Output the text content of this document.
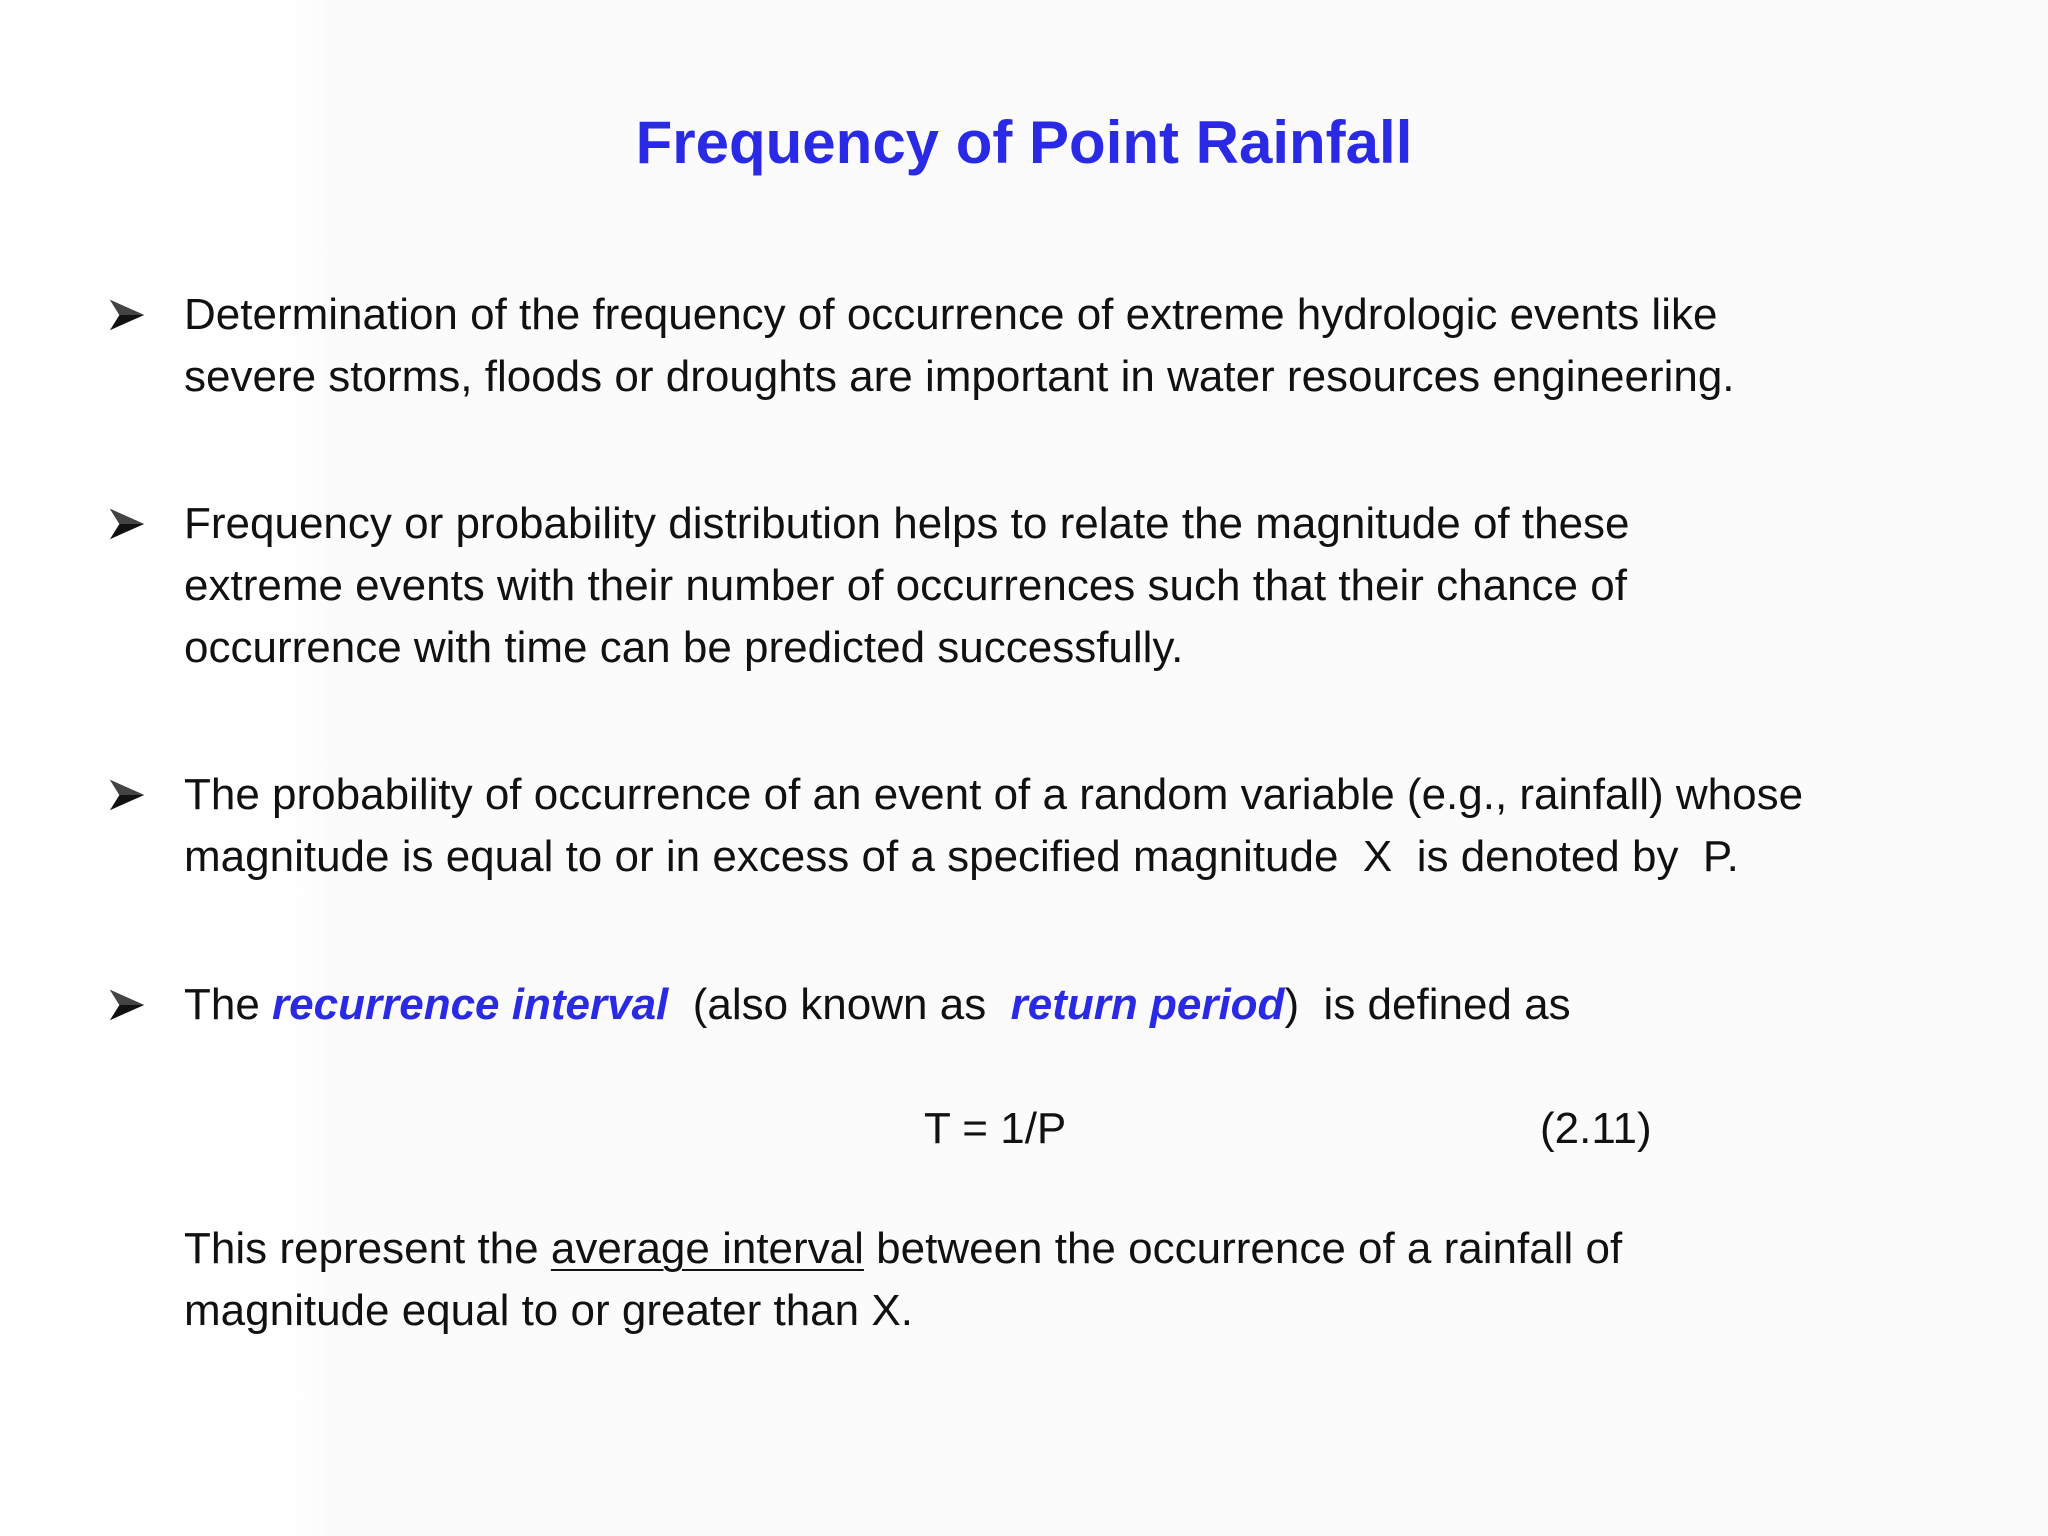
Frequency of Point Rainfall

Determination of the frequency of occurrence of extreme hydrologic events like

severe storms, floods or droughts are important in water resources engineering.

Frequency or probability distribution helps to relate the magnitude of these

extreme events with their number of occurrences such that their chance of

occurrence with time can be predicted successfully.

The probability of occurrence of an event of a random variable (e.g., rainfall) whose

magnitude is equal to or in excess of a specified magnitude  X  is denoted by  P.

The recurrence interval  (also known as  return period)  is defined as
T = 1/P	(2.11)

This represent the average interval between the occurrence of a rainfall of

magnitude equal to or greater than X.
